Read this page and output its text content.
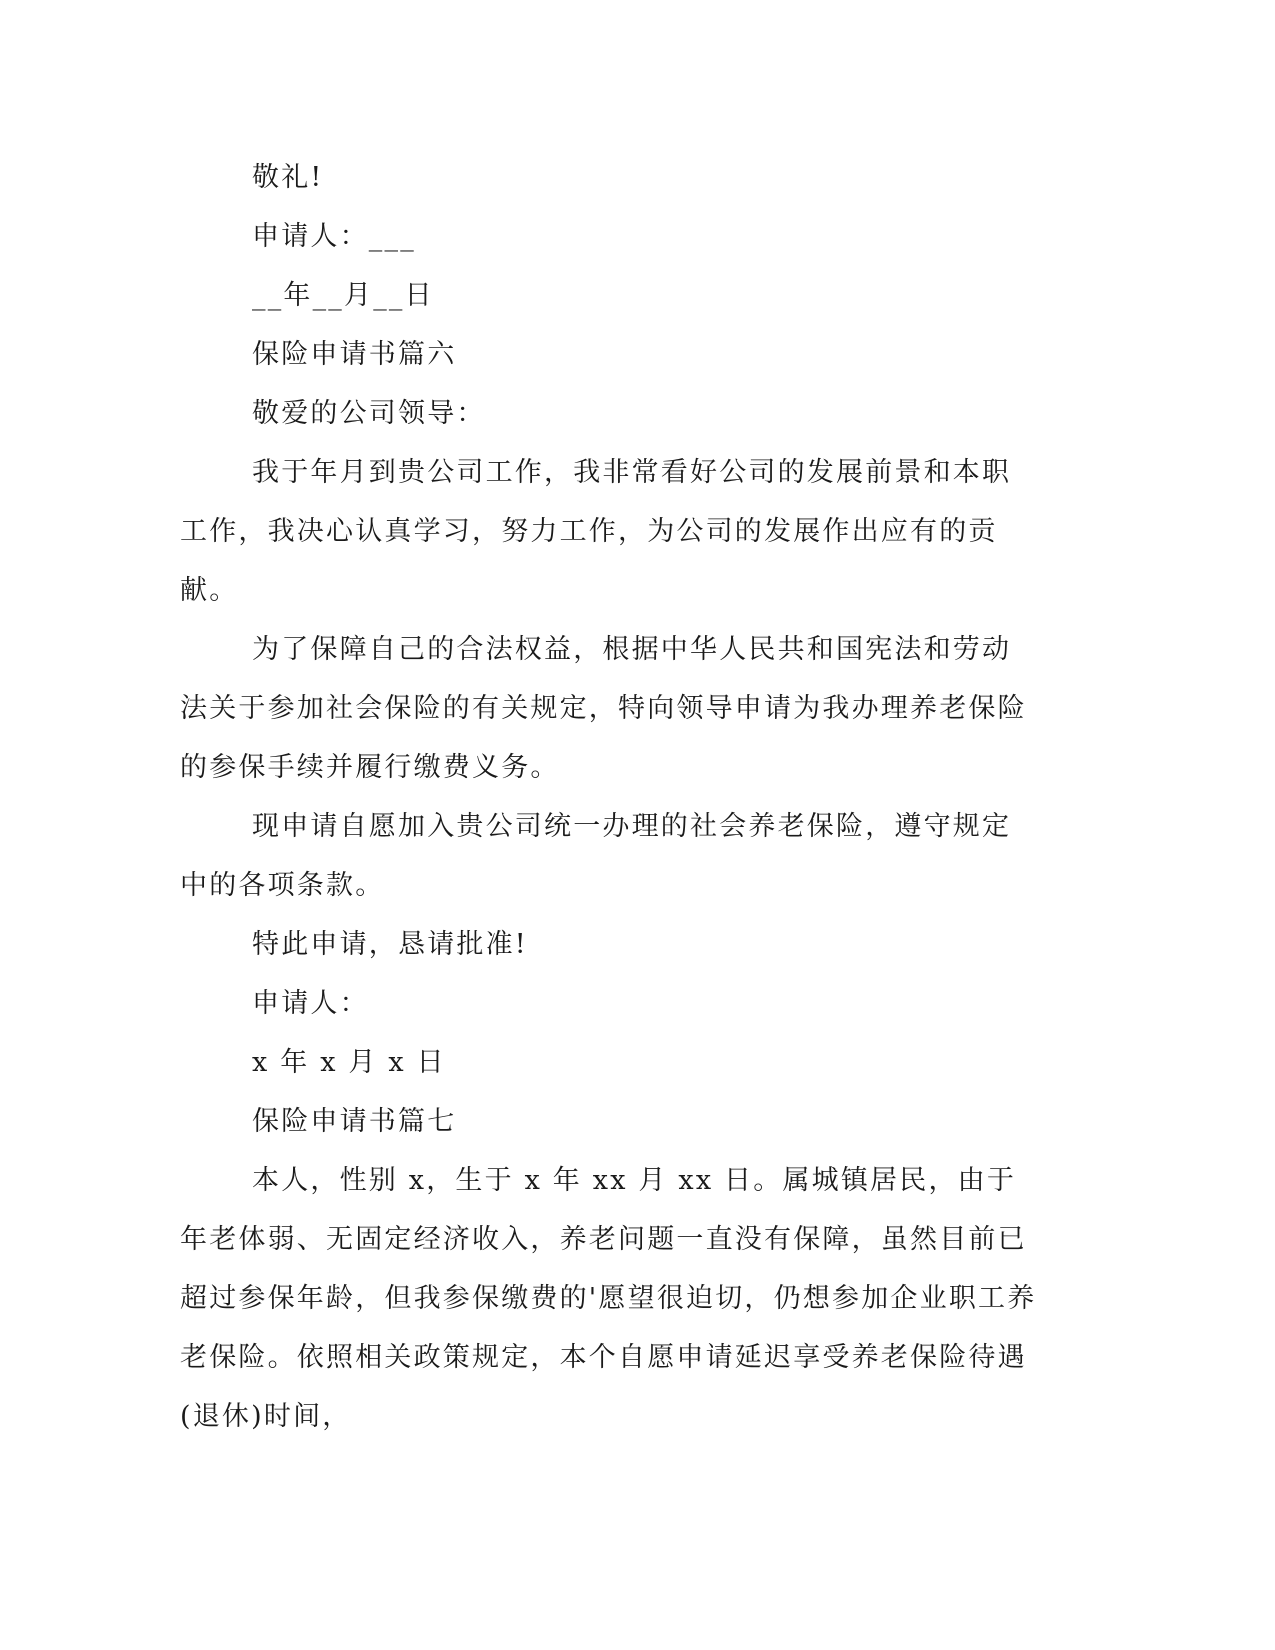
敬礼!

申请人：___

__年__月__日

保险申请书篇六

敬爱的公司领导：

我于年月到贵公司工作，我非常看好公司的发展前景和本职工作，我决心认真学习，努力工作，为公司的发展作出应有的贡献。

为了保障自己的合法权益，根据中华人民共和国宪法和劳动法关于参加社会保险的有关规定，特向领导申请为我办理养老保险的参保手续并履行缴费义务。

现申请自愿加入贵公司统一办理的社会养老保险，遵守规定中的各项条款。

特此申请，恳请批准!

申请人：

x 年 x 月 x 日

保险申请书篇七

本人，性别 x，生于 x 年 xx 月 xx 日。属城镇居民，由于年老体弱、无固定经济收入，养老问题一直没有保障，虽然目前已超过参保年龄，但我参保缴费的'愿望很迫切，仍想参加企业职工养老保险。依照相关政策规定，本个自愿申请延迟享受养老保险待遇(退休)时间，
